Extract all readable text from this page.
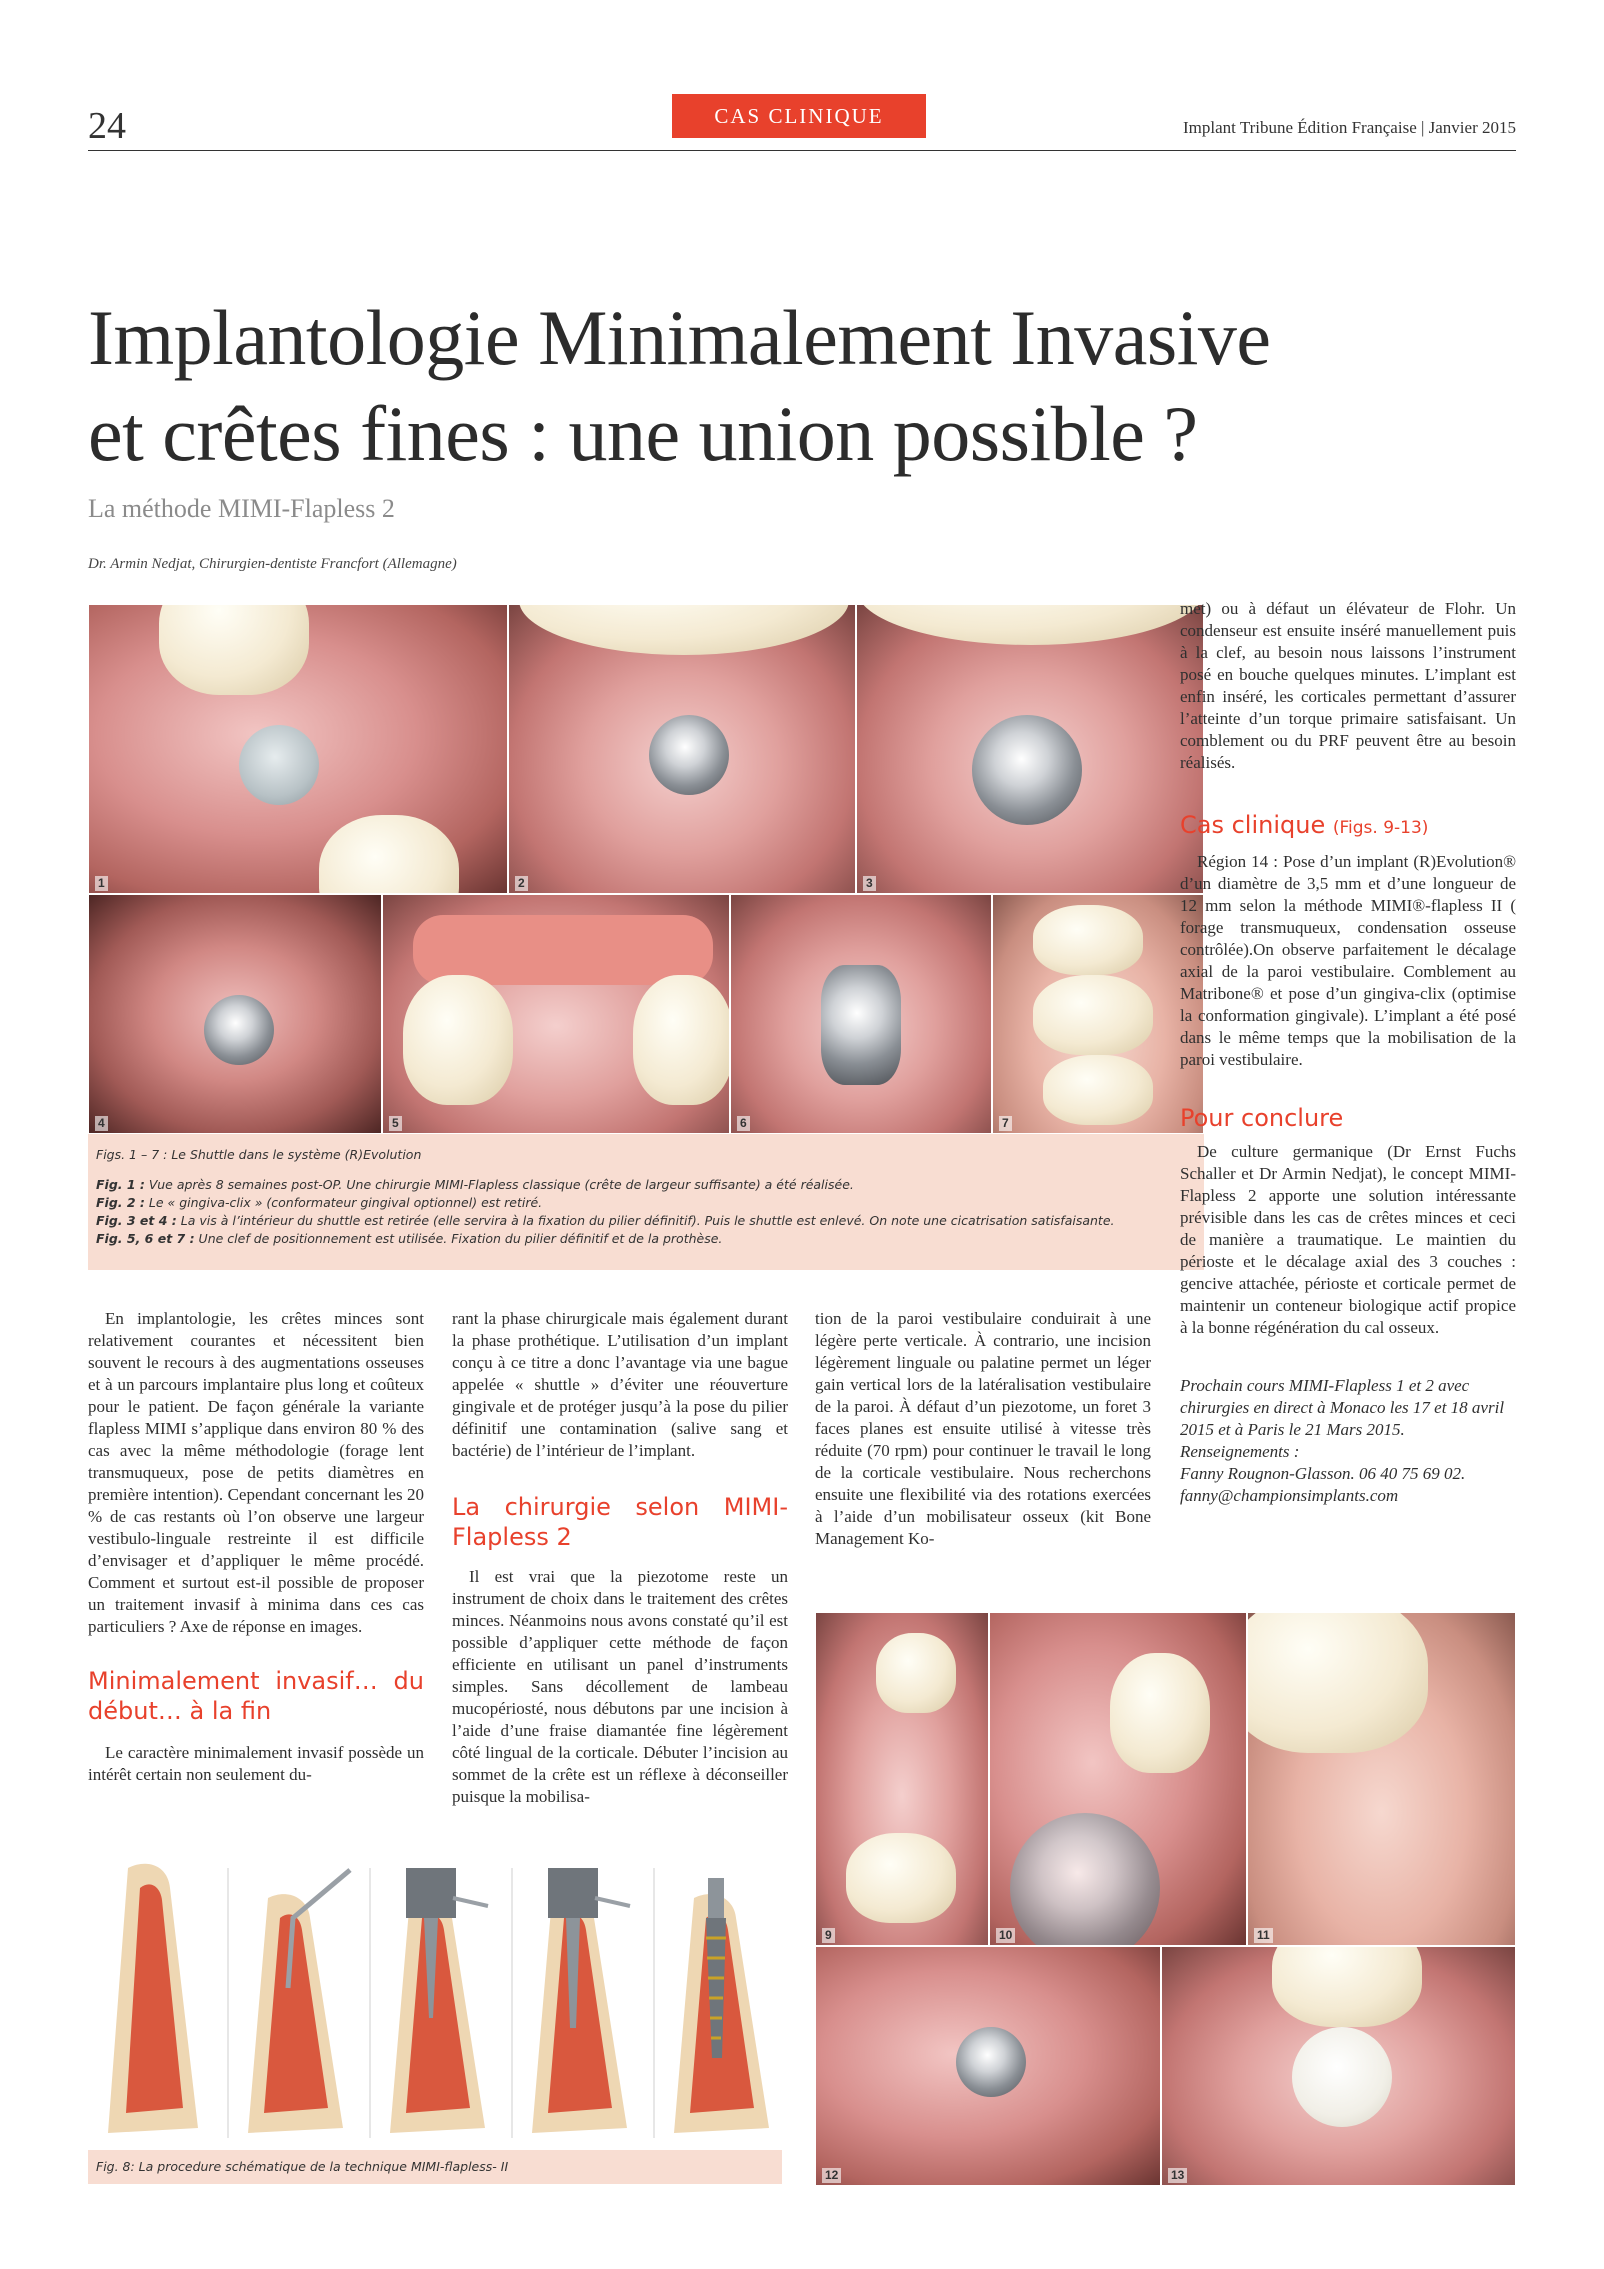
24	CAS CLINIQUE	Implant Tribune Édition Française | Janvier 2015
Implantologie Minimalement Invasive
et crêtes fines : une union possible ?
La méthode MIMI-Flapless 2
Dr. Armin Nedjat, Chirurgien-dentiste Francfort (Allemagne)
1	2	3
4	5	6	7
Figs. 1 – 7 : Le Shuttle dans le système (R)Evolution
Fig. 1 : Vue après 8 semaines post-OP. Une chirurgie MIMI-Flapless classique (crête de largeur suffisante) a été réalisée.
Fig. 2 : Le « gingiva-clix » (conformateur gingival optionnel) est retiré.
Fig. 3 et 4 : La vis à l’intérieur du shuttle est retirée (elle servira à la fixation du pilier définitif). Puis le shuttle est enlevé. On note une cicatrisation satisfaisante.
Fig. 5, 6 et 7 : Une clef de positionnement est utilisée. Fixation du pilier définitif et de la prothèse.

En implantologie, les crêtes minces sont relativement courantes et nécessitent bien souvent le recours à des augmentations osseuses et à un parcours implantaire plus long et coûteux pour le patient. De façon générale la variante flapless MIMI s’applique dans environ 80 % des cas avec la même méthodologie (forage lent transmuqueux, pose de petits diamètres en première intention). Cependant concernant les 20 % de cas restants où l’on observe une largeur vestibulo-linguale restreinte il est difficile d’envisager et d’appliquer le même procédé. Comment et surtout est-il possible de proposer un traitement invasif à minima dans ces cas particuliers ? Axe de réponse en images.

Minimalement invasif… du début… à la fin

Le caractère minimalement invasif possède un intérêt certain non seulement du-

rant la phase chirurgicale mais également durant la phase prothétique. L’utilisation d’un implant conçu à ce titre a donc l’avantage via une bague appelée « shuttle » d’éviter une réouverture gingivale et de protéger jusqu’à la pose du pilier définitif une contamination (salive sang et bactérie) de l’intérieur de l’implant.

La chirurgie selon MIMI-Flapless 2

Il est vrai que la piezotome reste un instrument de choix dans le traitement des crêtes minces. Néanmoins nous avons constaté qu’il est possible d’appliquer cette méthode de façon efficiente en utilisant un panel d’instruments simples. Sans décollement de lambeau mucopériosté, nous débutons par une incision à l’aide d’une fraise diamantée fine légèrement côté lingual de la corticale. Débuter l’incision au sommet de la crête est un réflexe à déconseiller puisque la mobilisa-

tion de la paroi vestibulaire conduirait à une légère perte verticale. À contrario, une incision légèrement linguale ou palatine permet un léger gain vertical lors de la latéralisation vestibulaire de la paroi. À défaut d’un piezotome, un foret 3 faces planes est ensuite utilisé à vitesse très réduite (70 rpm) pour continuer le travail le long de la corticale vestibulaire. Nous recherchons ensuite une flexibilité via des rotations exercées à l’aide d’un mobilisateur osseux (kit Bone Management Ko-

met) ou à défaut un élévateur de Flohr. Un condenseur est ensuite inséré manuellement puis à la clef, au besoin nous laissons l’instrument posé en bouche quelques minutes. L’implant est enfin inséré, les corticales permettant d’assurer l’atteinte d’un torque primaire satisfaisant. Un comblement ou du PRF peuvent être au besoin réalisés.

Cas clinique (Figs. 9-13)

Région 14 : Pose d’un implant (R)Evolution® d’un diamètre de 3,5 mm et d’une longueur de 12 mm selon la méthode MIMI®-flapless II ( forage transmuqueux, condensation osseuse contrôlée).On observe parfaitement le décalage axial de la paroi vestibulaire. Comblement au Matribone® et pose d’un gingiva-clix (optimise la conformation gingivale). L’implant a été posé dans le même temps que la mobilisation de la paroi vestibulaire.

Pour conclure

De culture germanique (Dr Ernst Fuchs Schaller et Dr Armin Nedjat), le concept MIMI-Flapless 2 apporte une solution intéressante prévisible dans les cas de crêtes minces et ceci de manière a traumatique. Le maintien du périoste et le décalage axial des 3 couches : gencive attachée, périoste et corticale permet de maintenir un conteneur biologique actif propice à la bonne régénération du cal osseux.

Prochain cours MIMI-Flapless 1 et 2 avec chirurgies en direct à Monaco les 17 et 18 avril 2015 et à Paris le 21 Mars 2015.

Renseignements :

Fanny Rougnon-Glasson. 06 40 75 69 02.

fanny@championsimplants.com

Fig. 8: La procedure schématique de la technique MIMI-flapless- II
9	10	11
12	13
